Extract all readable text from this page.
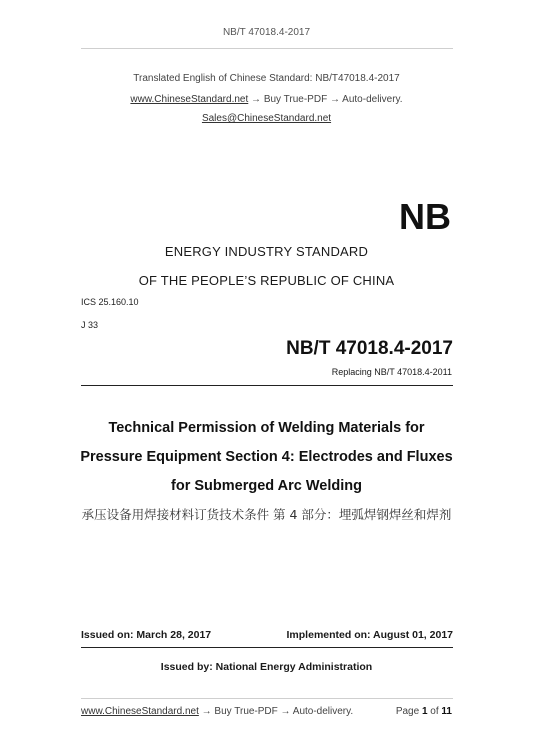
NB/T 47018.4-2017
Translated English of Chinese Standard: NB/T47018.4-2017
www.ChineseStandard.net → Buy True-PDF → Auto-delivery.
Sales@ChineseStandard.net
NB
ENERGY INDUSTRY STANDARD
OF THE PEOPLE’S REPUBLIC OF CHINA
ICS 25.160.10
J 33
NB/T 47018.4-2017
Replacing NB/T 47018.4-2011
Technical Permission of Welding Materials for
Pressure Equipment Section 4: Electrodes and Fluxes
for Submerged Arc Welding
承压设备用焊接材料订货技术条件 第 4 部分：埋弧焊钢焊丝和焊剂
Issued on: March 28, 2017	Implemented on: August 01, 2017
Issued by: National Energy Administration
www.ChineseStandard.net → Buy True-PDF → Auto-delivery.	Page 1 of 11
